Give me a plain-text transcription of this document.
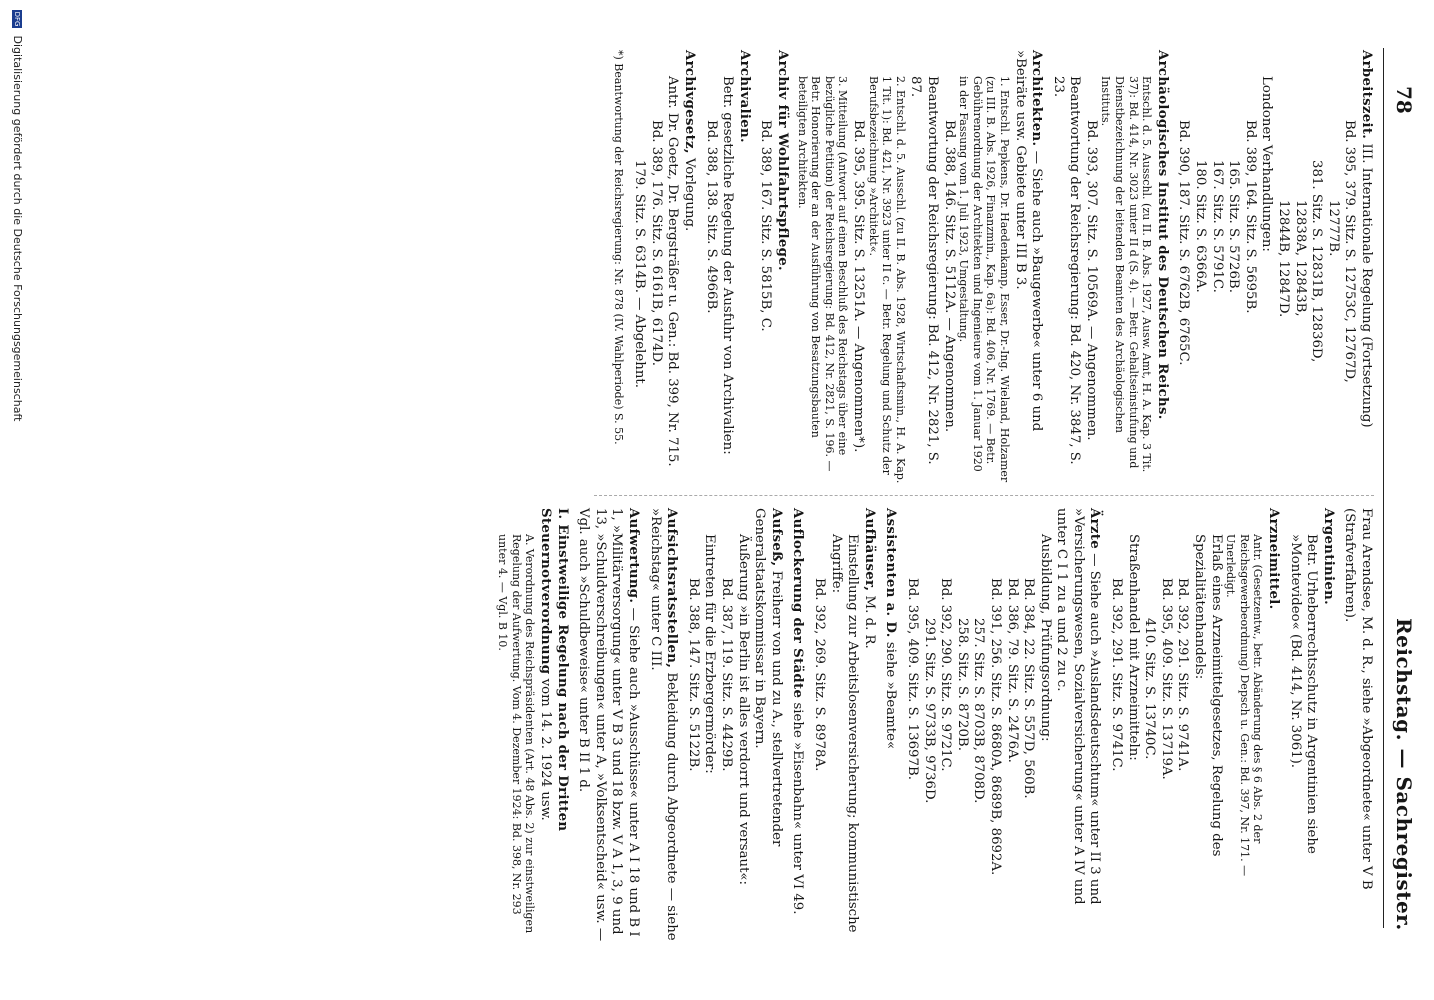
78
Reichstag. — Sachregister.
Arbeitszeit. III. Internationale Regelung (Fortsetzung)
Bd. 395, 379. Sitz. S. 12753C, 12767D,
12777B.
381. Sitz. S. 12831B, 12836D,
12838A, 12843B,
12844B, 12847D.
Londoner Verhandlungen:
Bd. 389, 164. Sitz. S. 5695B.
165. Sitz. S. 5726B.
167. Sitz. S. 5791C.
180. Sitz. S. 6366A.
Bd. 390, 187. Sitz. S. 6762B, 6765C.
Archäologisches Institut des Deutschen Reichs.
Entschl. d. 5. Ausschl. (zu II. B. Abs. 1927, Ausw. Amt, H. A. Kap. 3 Tit. 37): Bd. 414, Nr. 3023 unter II d (S. 4). — Betr. Gehaltseinstufung und Dienstbezeichnung der leitenden Beamten des Archäologischen Instituts.
Bd. 393, 307. Sitz. S. 10569A. — Angenommen.
Beantwortung der Reichsregierung: Bd. 420, Nr. 3847, S. 23.
Architekten. — Siehe auch »Baugewerbe« unter 6 und »Beiräte usw. Gebiete unter III B 3.
1. Entschl. Pepkens, Dr. Haedenkamp, Esser, Dr.-Ing. Wieland, Holzamer (zu III. B. Abs. 1926, Finanzmin., Kap. 6a): Bd. 406, Nr. 1769. — Betr. Gebührenordnung der Architekten und Ingenieure vom 1. Januar 1920 in der Fassung vom 1. Juli 1923, Umgestaltung.
Bd. 388, 146. Sitz. S. 5112A. — Angenommen.
Beantwortung der Reichsregierung: Bd. 412, Nr. 2821, S. 87.
2. Entschl. d. 5. Ausschl. (zu II. B. Abs. 1928, Wirtschaftsmin., H. A. Kap. 1 Tit. 1): Bd. 421, Nr. 3923 unter II c. — Betr. Regelung und Schutz der Berufsbezeichnung »Architekt«.
Bd. 395, 395. Sitz. S. 13251A. — Angenommen*).
3. Mitteilung (Antwort auf einen Beschluß des Reichstags über eine bezügliche Petition) der Reichsregierung: Bd. 412, Nr. 2821, S. 196. — Betr. Honorierung der an der Ausführung von Besatzungsbauten beteiligten Architekten.
Archiv für Wohlfahrtspflege.
Bd. 389, 167. Sitz. S. 5815B, C.
Archivalien.
Betr. gesetzliche Regelung der Ausfuhr von Archivalien:
Bd. 388, 138. Sitz. S. 4966B.
Archivgesetz, Vorlegung.
Antr. Dr. Goetz, Dr. Bergsträßer u. Gen.: Bd. 399, Nr. 715.
Bd. 389, 176. Sitz. S. 6161B, 6174D.
179. Sitz. S. 6314B. — Abgelehnt.
*) Beantwortung der Reichsregierung: Nr. 878 (IV. Wahlperiode) S. 55.
Frau Arendsee, M. d. R., siehe »Abgeordnete« unter V B (Strafverfahren).
Argentinien.
Betr. Urheberrechtsschutz in Argentinien siehe »Montevideo« (Bd. 414, Nr. 3061).
Arzneimittel.
Antr. (Gesetzentw., betr. Abänderung des § 6 Abs. 2 der Reichsgewerbeordnung) Depsch u. Gen.: Bd. 397, Nr. 171. — Unerledigt.
Erlaß eines Arzneimittelgesetzes, Regelung des Spezialitätenhandels:
Bd. 392, 291. Sitz. S. 9741A.
Bd. 395, 409. Sitz. S. 13719A.
410. Sitz. S. 13740C.
Straßenhandel mit Arzneimitteln:
Bd. 392, 291. Sitz. S. 9741C.
Ärzte — Siehe auch »Auslandsdeutschtum« unter II 3 und »Versicherungswesen, Sozialversicherung« unter A IV und unter C I 1 zu a und 2 zu c.
Ausbildung, Prüfungsordnung:
Bd. 384, 22. Sitz. S. 557D, 560B.
Bd. 386, 79. Sitz. S. 2476A.
Bd. 391, 256. Sitz. S. 8680A, 8689B, 8692A.
257. Sitz. S. 8703B, 8708D.
258. Sitz. S. 8720B.
Bd. 392, 290. Sitz. S. 9721C.
291. Sitz. S. 9733B, 9736D.
Bd. 395, 409. Sitz. S. 13697B.
Assistenten a. D. siehe »Beamte«
Aufhäuser, M. d. R.
Einstellung zur Arbeitslosenversicherung; kommunistische Angriffe:
Bd. 392, 269. Sitz. S. 8978A.
Auflockerung der Städte siehe »Eisenbahn« unter VI 49.
Aufseß, Freiherr von und zu A., stellvertretender Generalstaatskommissar in Bayern.
Äußerung »in Berlin ist alles verdorrt und versaut«:
Bd. 387, 119. Sitz. S. 4429B.
Eintreten für die Erzbergermörder:
Bd. 388, 147. Sitz. S. 5122B.
Aufsichtsratsstellen, Bekleidung durch Abgeordnete — siehe »Reichstag« unter C III.
Aufwertung. — Siehe auch »Ausschüsse« unter A I 18 und B I 1, »Militärversorgung« unter V B 3 und 18 bzw. V A 1, 3, 9 und 13, »Schuldverschreibungen« unter A, »Volksentscheid« usw. — Vgl. auch »Schuldbeweise« unter B II 1 d.
I. Einstweilige Regelung nach der Dritten Steuernotverordnung vom 14. 2. 1924 usw.
A. Verordnung des Reichspräsidenten (Art. 48 Abs. 2) zur einstweiligen Regelung der Aufwertung. Vom 4. Dezember 1924: Bd. 398, Nr. 293 unter 4. — Vgl. B 10.
DFG Digitalisierung gefördert durch die Deutsche Forschungsgemeinschaft
